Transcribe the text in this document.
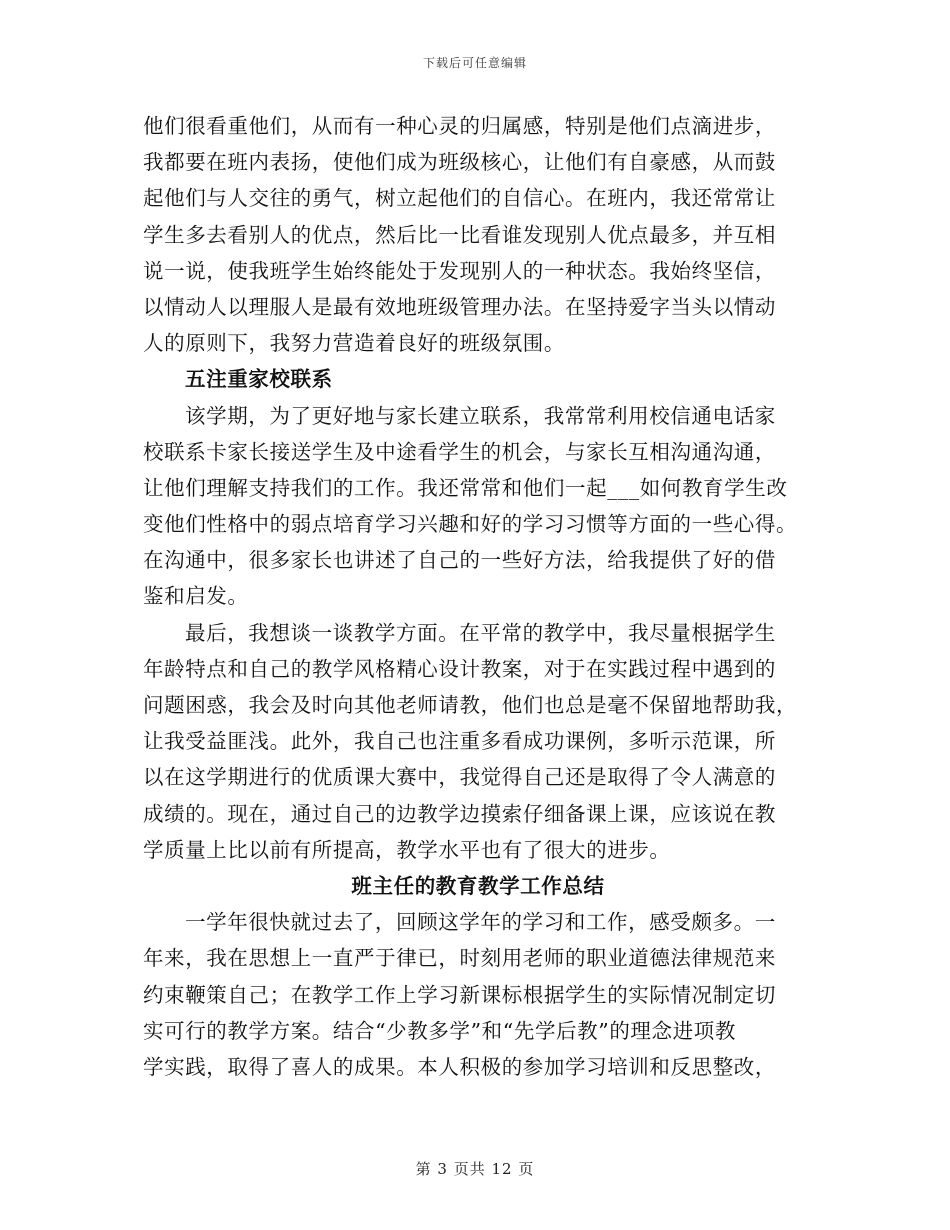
下载后可任意编辑
他们很看重他们，从而有一种心灵的归属感，特别是他们点滴进步，
我都要在班内表扬，使他们成为班级核心，让他们有自豪感，从而鼓
起他们与人交往的勇气，树立起他们的自信心。在班内，我还常常让
学生多去看别人的优点，然后比一比看谁发现别人优点最多，并互相
说一说，使我班学生始终能处于发现别人的一种状态。我始终坚信，
以情动人以理服人是最有效地班级管理办法。在坚持爱字当头以情动
人的原则下，我努力营造着良好的班级氛围。
五注重家校联系
该学期，为了更好地与家长建立联系，我常常利用校信通电话家
校联系卡家长接送学生及中途看学生的机会，与家长互相沟通沟通，
让他们理解支持我们的工作。我还常常和他们一起___如何教育学生改
变他们性格中的弱点培育学习兴趣和好的学习习惯等方面的一些心得。
在沟通中，很多家长也讲述了自己的一些好方法，给我提供了好的借
鉴和启发。
最后，我想谈一谈教学方面。在平常的教学中，我尽量根据学生
年龄特点和自己的教学风格精心设计教案，对于在实践过程中遇到的
问题困惑，我会及时向其他老师请教，他们也总是毫不保留地帮助我，
让我受益匪浅。此外，我自己也注重多看成功课例，多听示范课，所
以在这学期进行的优质课大赛中，我觉得自己还是取得了令人满意的
成绩的。现在，通过自己的边教学边摸索仔细备课上课，应该说在教
学质量上比以前有所提高，教学水平也有了很大的进步。
班主任的教育教学工作总结
一学年很快就过去了，回顾这学年的学习和工作，感受颇多。一
年来，我在思想上一直严于律已，时刻用老师的职业道德法律规范来
约束鞭策自己；在教学工作上学习新课标根据学生的实际情况制定切
实可行的教学方案。结合“少教多学”和“先学后教”的理念进项教
学实践，取得了喜人的成果。本人积极的参加学习培训和反思整改，
第 3 页共 12 页
